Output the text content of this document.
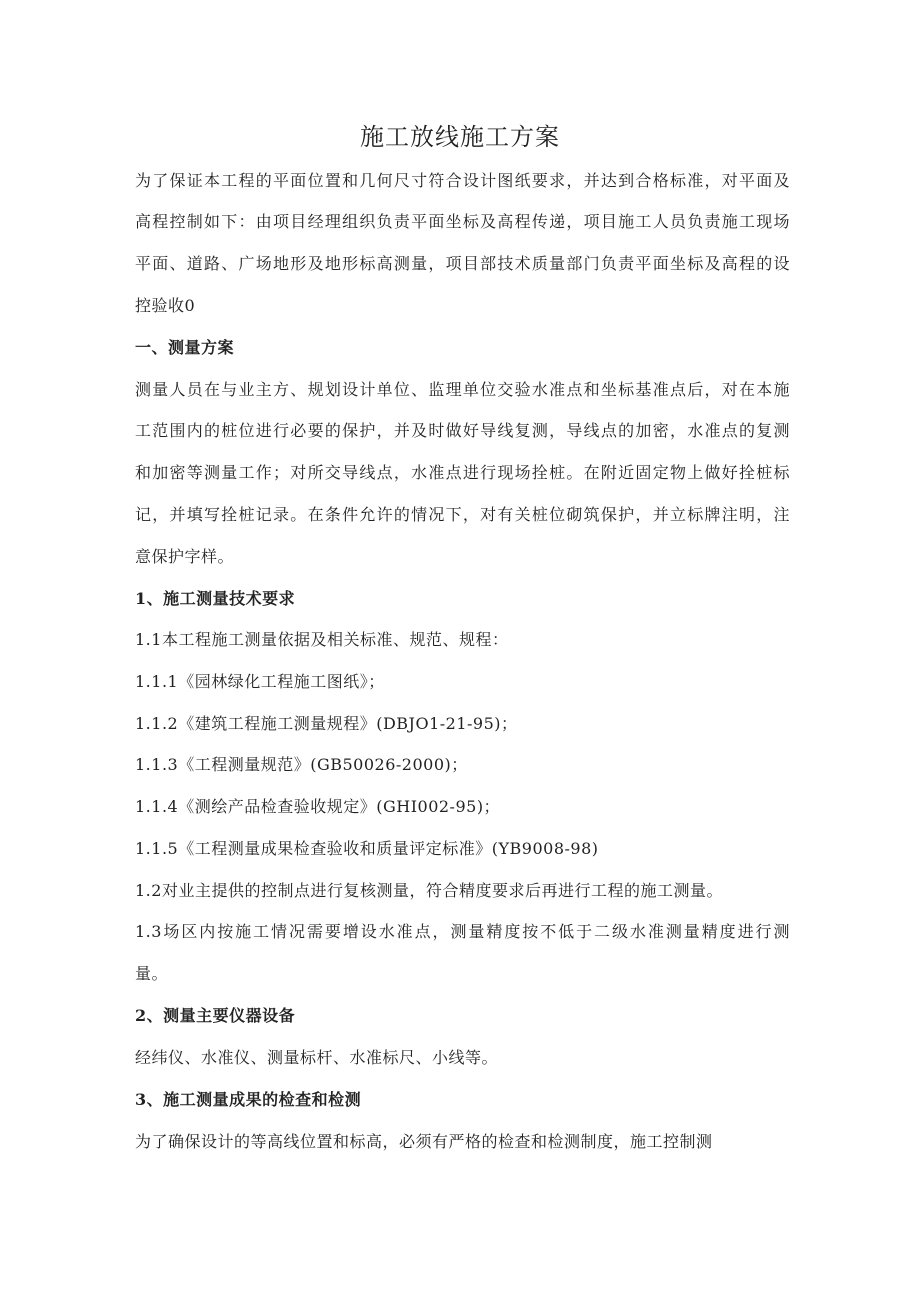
施工放线施工方案

为了保证本工程的平面位置和几何尺寸符合设计图纸要求，并达到合格标准，对平面及

高程控制如下：由项目经理组织负责平面坐标及高程传递，项目施工人员负责施工现场

平面、道路、广场地形及地形标高测量，项目部技术质量部门负责平面坐标及高程的设

控验收0

一、测量方案

测量人员在与业主方、规划设计单位、监理单位交验水准点和坐标基准点后，对在本施

工范围内的桩位进行必要的保护，并及时做好导线复测，导线点的加密，水准点的复测

和加密等测量工作；对所交导线点，水准点进行现场拴桩。在附近固定物上做好拴桩标

记，并填写拴桩记录。在条件允许的情况下，对有关桩位砌筑保护，并立标牌注明，注

意保护字样。

1、施工测量技术要求

1.1本工程施工测量依据及相关标准、规范、规程：

1.1.1《园林绿化工程施工图纸》；

1.1.2《建筑工程施工测量规程》(DBJO1-21-95)；

1.1.3《工程测量规范》(GB50026-2000)；

1.1.4《测绘产品检查验收规定》(GHI002-95)；

1.1.5《工程测量成果检查验收和质量评定标准》(YB9008-98)

1.2对业主提供的控制点进行复核测量，符合精度要求后再进行工程的施工测量。

1.3场区内按施工情况需要增设水准点，测量精度按不低于二级水准测量精度进行测

量。

2、测量主要仪器设备

经纬仪、水准仪、测量标杆、水准标尺、小线等。

3、施工测量成果的检查和检测

为了确保设计的等高线位置和标高，必须有严格的检查和检测制度，施工控制测
